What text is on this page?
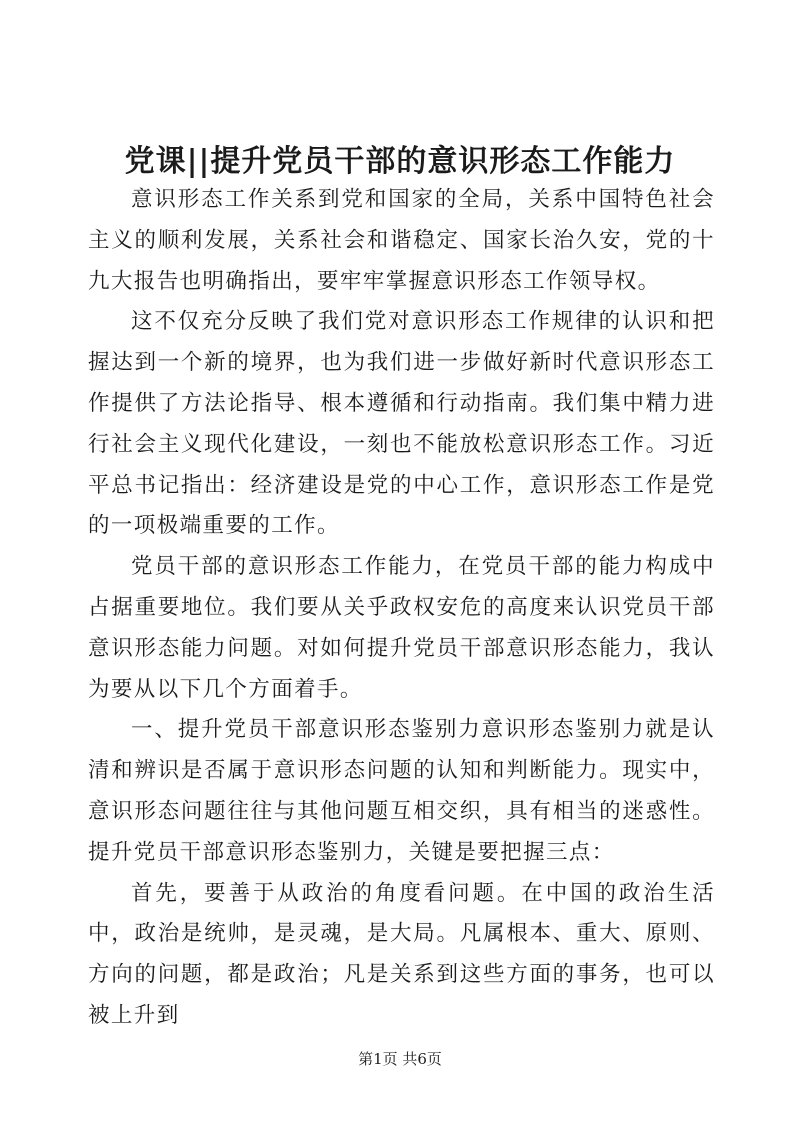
党课||提升党员干部的意识形态工作能力

意识形态工作关系到党和国家的全局，关系中国特色社会主义的顺利发展，关系社会和谐稳定、国家长治久安，党的十九大报告也明确指出，要牢牢掌握意识形态工作领导权。

这不仅充分反映了我们党对意识形态工作规律的认识和把握达到一个新的境界，也为我们进一步做好新时代意识形态工作提供了方法论指导、根本遵循和行动指南。我们集中精力进行社会主义现代化建设，一刻也不能放松意识形态工作。习近平总书记指出：经济建设是党的中心工作，意识形态工作是党的一项极端重要的工作。

党员干部的意识形态工作能力，在党员干部的能力构成中占据重要地位。我们要从关乎政权安危的高度来认识党员干部意识形态能力问题。对如何提升党员干部意识形态能力，我认为要从以下几个方面着手。

一、提升党员干部意识形态鉴别力意识形态鉴别力就是认清和辨识是否属于意识形态问题的认知和判断能力。现实中，意识形态问题往往与其他问题互相交织，具有相当的迷惑性。提升党员干部意识形态鉴别力，关键是要把握三点：

首先，要善于从政治的角度看问题。在中国的政治生活中，政治是统帅，是灵魂，是大局。凡属根本、重大、原则、方向的问题，都是政治；凡是关系到这些方面的事务，也可以被上升到

第1页 共6页
